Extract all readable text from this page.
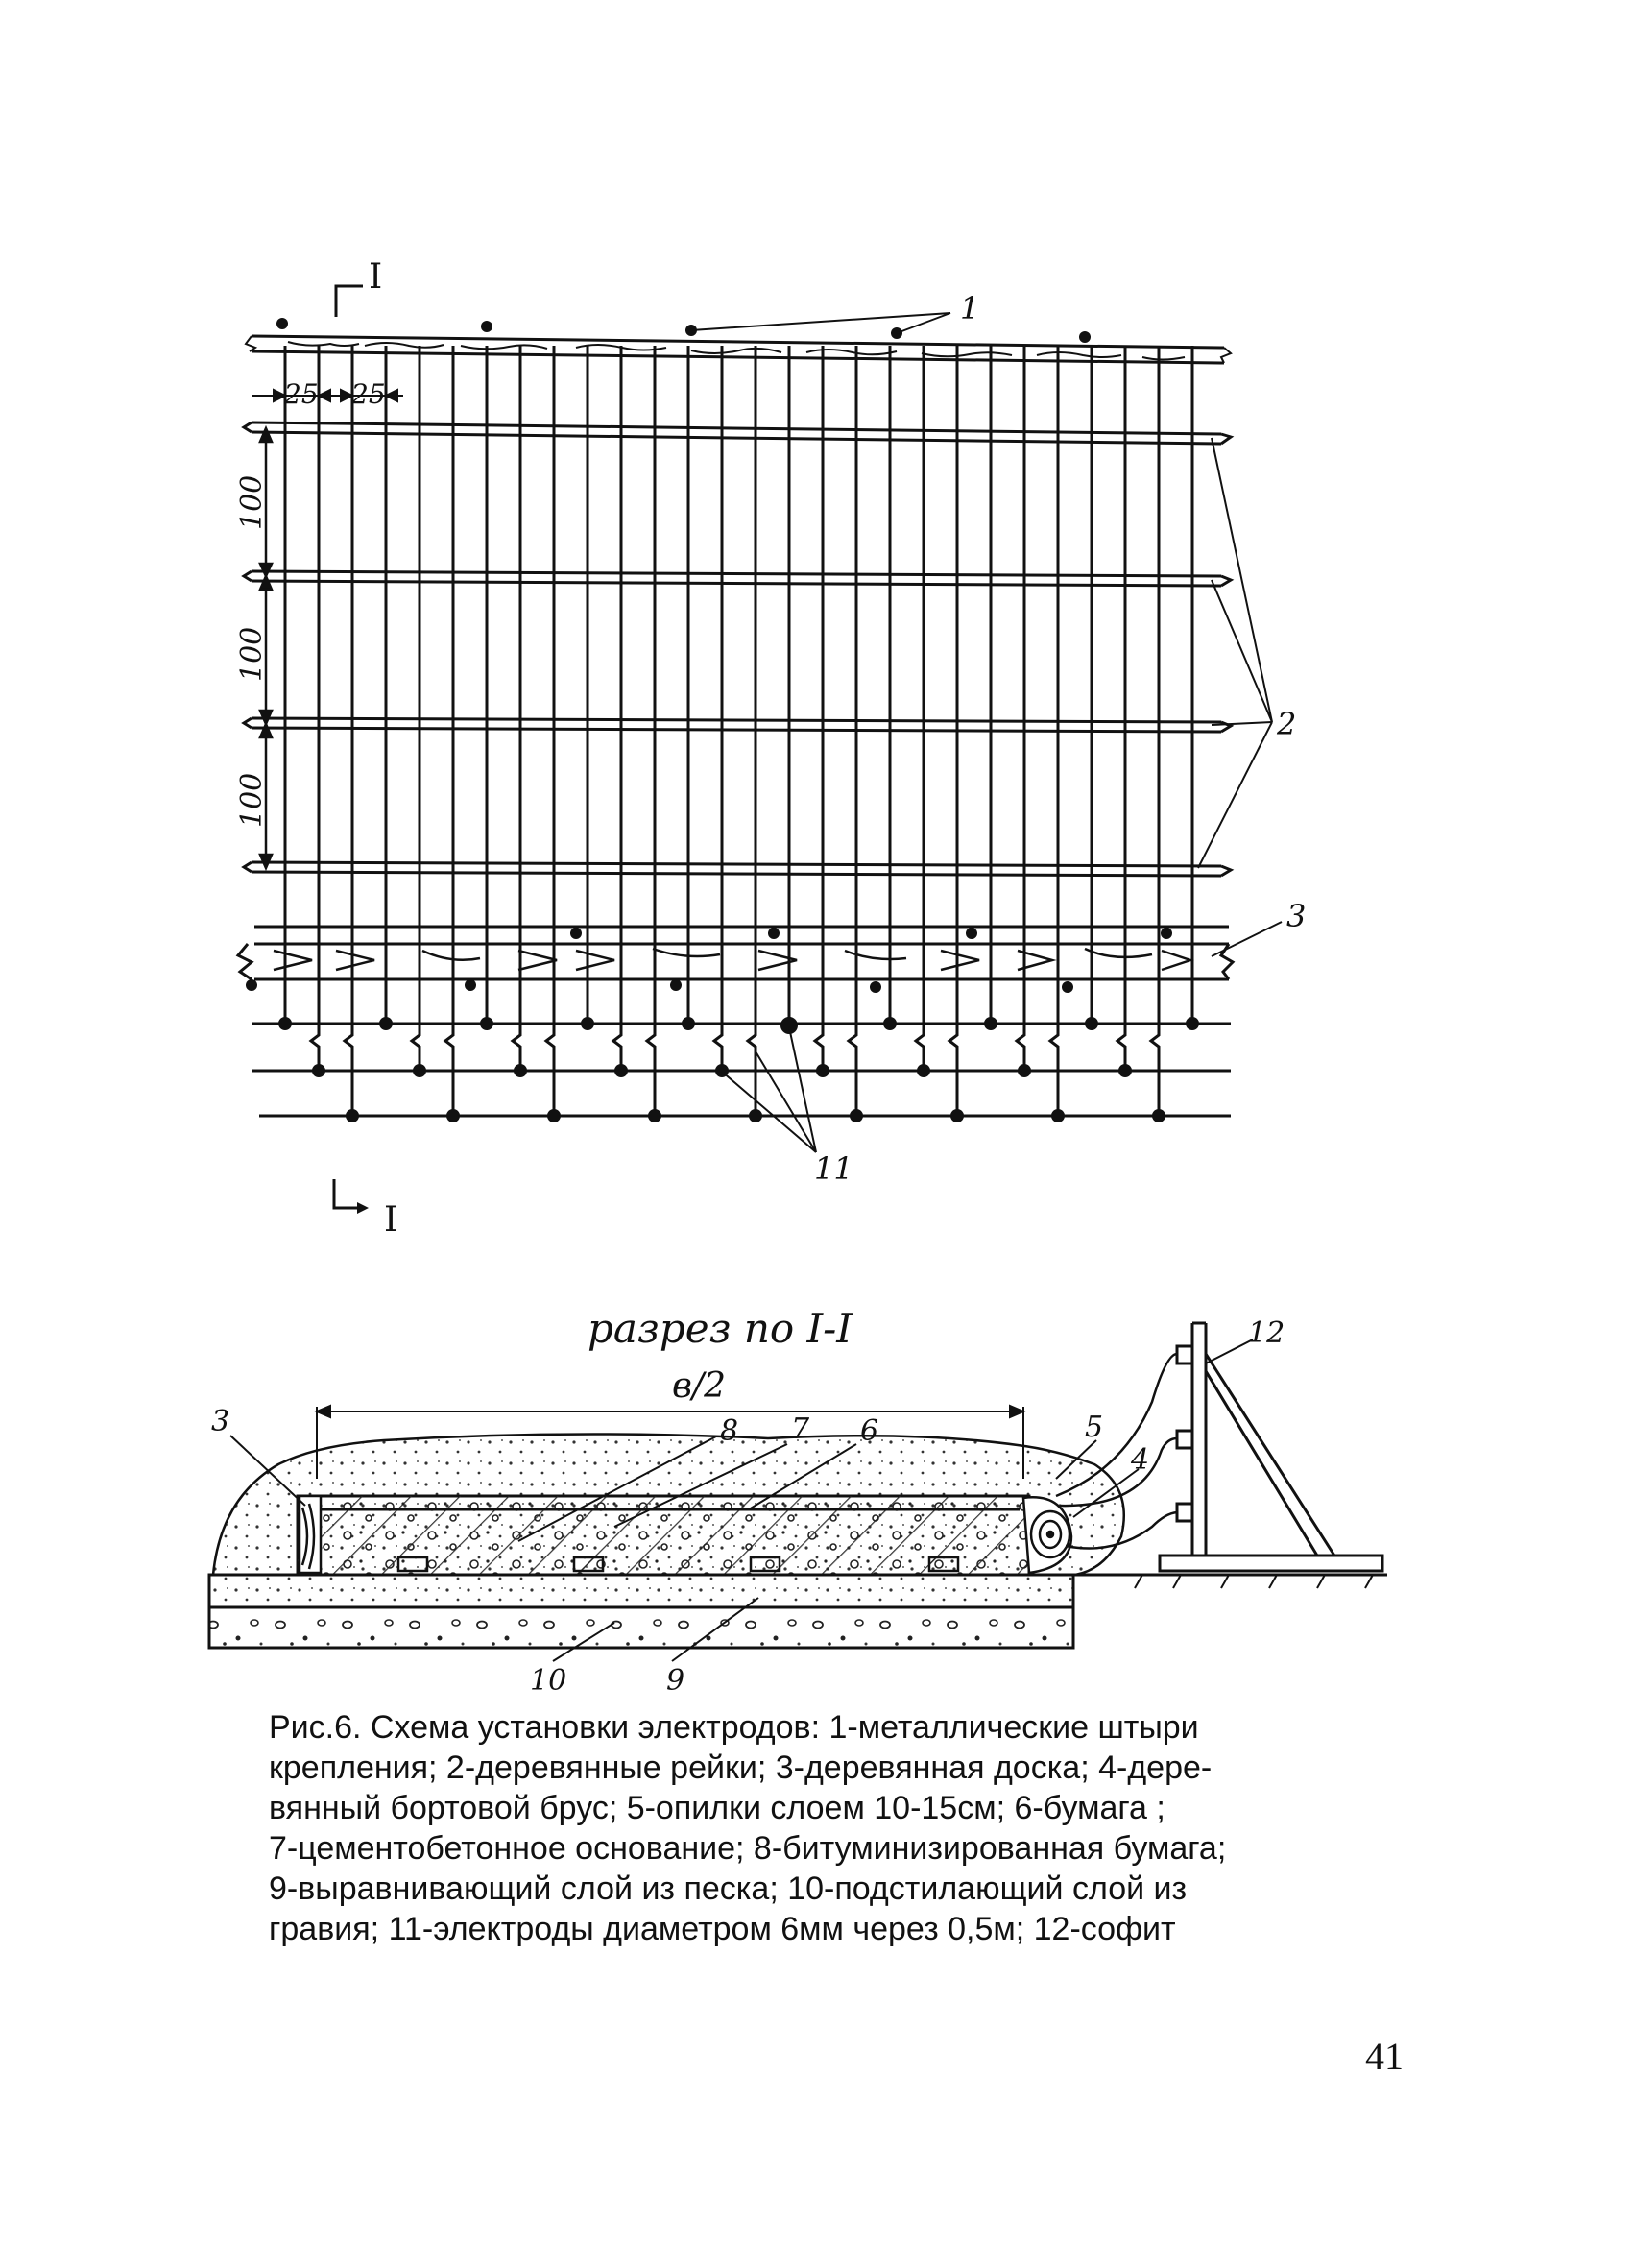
I
25 25
100
100
100
1
2
3
11
I
разрез по I-I
в/2
3	8 7 6	5
4
12
10	9
Рис.6. Схема установки электродов: 1-металлические штыри
крепления; 2-деревянные рейки; 3-деревянная доска; 4-дере-
вянный бортовой брус; 5-опилки слоем 10-15см; 6-бумага ;
7-цементобетонное основание; 8-битуминизированная бумага;
9-выравнивающий слой из песка; 10-подстилающий слой из
гравия; 11-электроды диаметром 6мм через 0,5м; 12-софит
41
